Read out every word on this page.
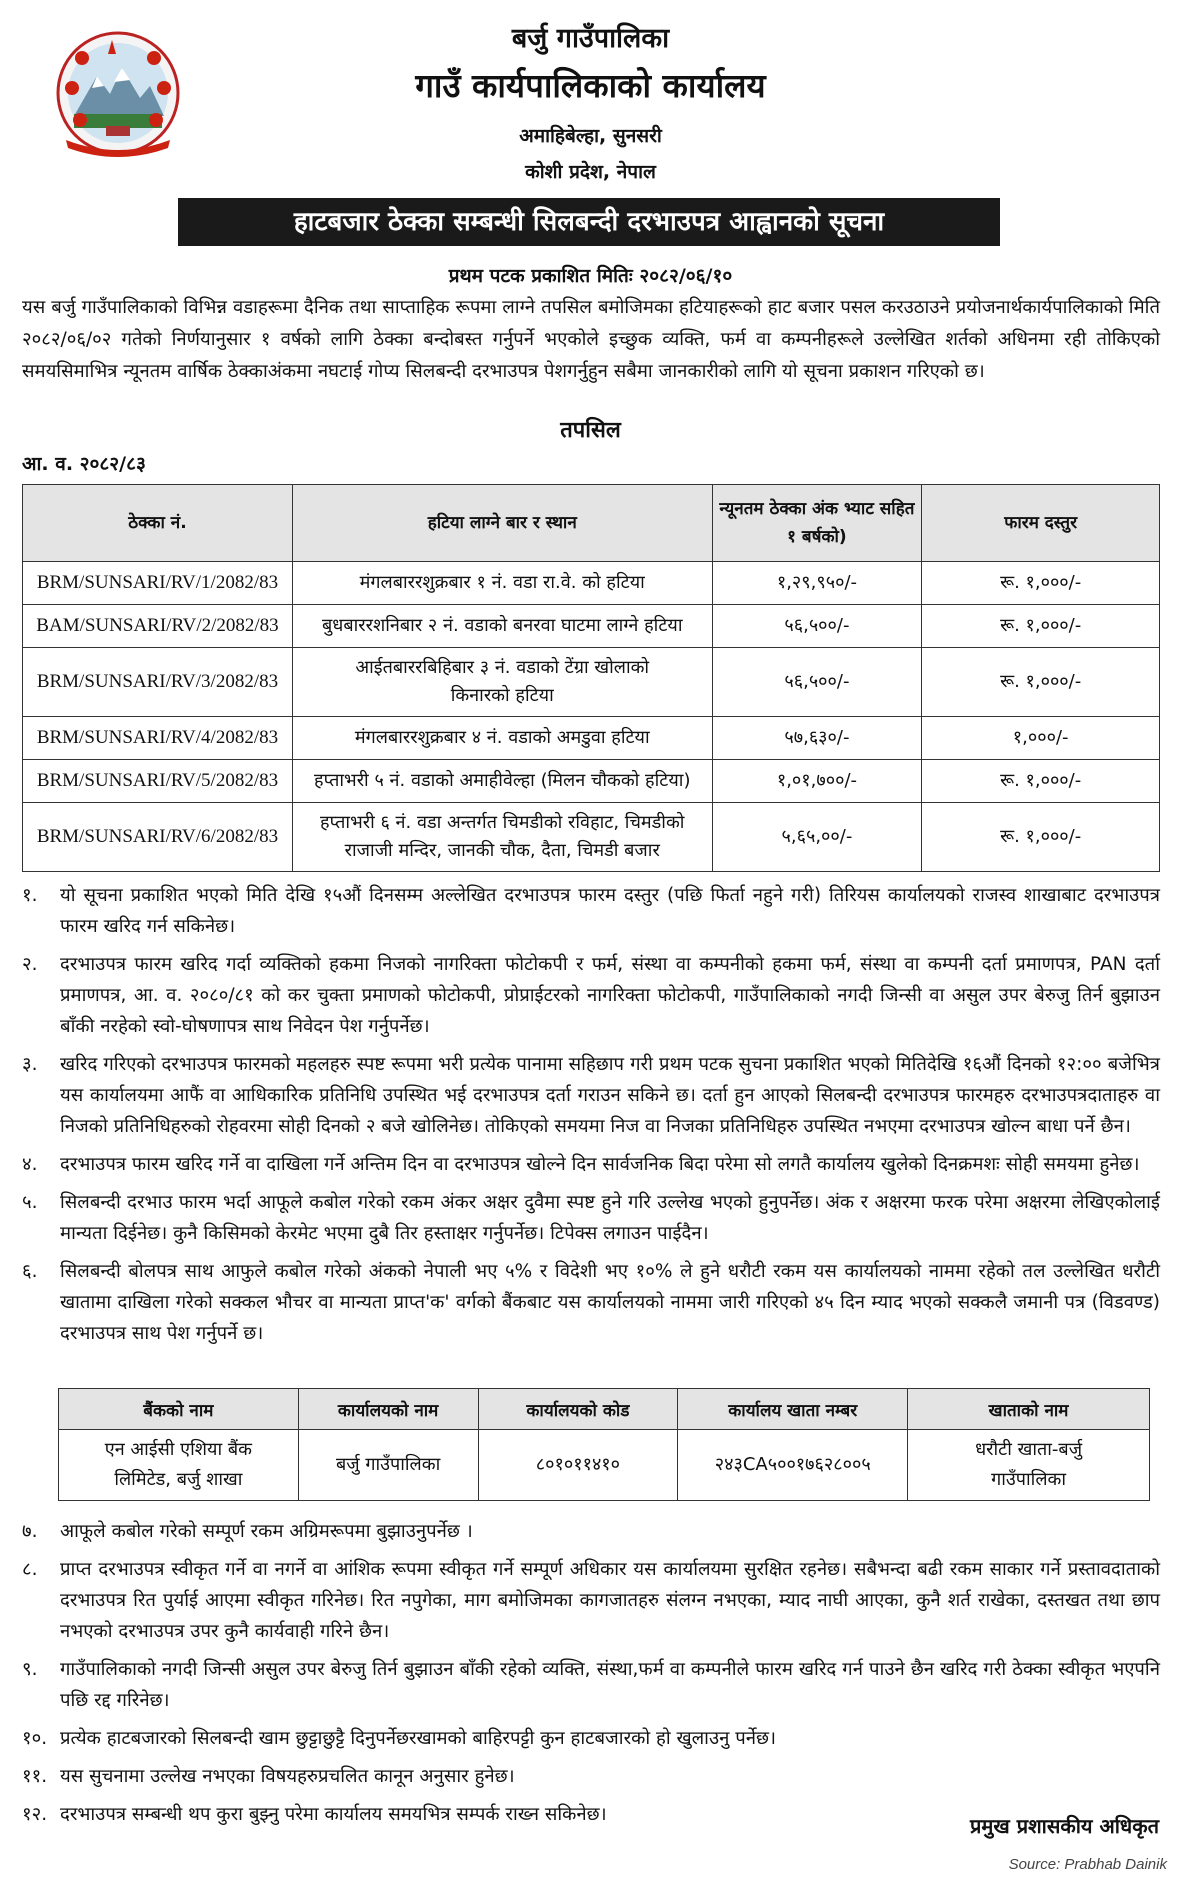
बर्जु गाउँपालिका
गाउँ कार्यपालिकाको कार्यालय
अमाहिबेल्हा, सुनसरी
कोशी प्रदेश, नेपाल
हाटबजार ठेक्का सम्बन्धी सिलबन्दी दरभाउपत्र आह्वानको सूचना
प्रथम पटक प्रकाशित मितिः २०८२/०६/१०
यस बर्जु गाउँपालिकाको विभिन्न वडाहरूमा दैनिक तथा साप्ताहिक रूपमा लाग्ने तपसिल बमोजिमका हटियाहरूको हाट बजार पसल करउठाउने प्रयोजनार्थकार्यपालिकाको मिति २०८२/०६/०२ गतेको निर्णयानुसार १ वर्षको लागि ठेक्का बन्दोबस्त गर्नुपर्ने भएकोले इच्छुक व्यक्ति, फर्म वा कम्पनीहरूले उल्लेखित शर्तको अधिनमा रही तोकिएको समयसिमाभित्र न्यूनतम वार्षिक ठेक्काअंकमा नघटाई गोप्य सिलबन्दी दरभाउपत्र पेशगर्नुहुन सबैमा जानकारीको लागि यो सूचना प्रकाशन गरिएको छ।
तपसिल
आ. व. २०८२/८३
ठेक्का नं.	हटिया लाग्ने बार र स्थान	न्यूनतम ठेक्का अंक भ्याट सहित १ बर्षको)	फारम दस्तुर
BRM/SUNSARI/RV/1/2082/83	मंगलबाररशुक्रबार १ नं. वडा रा.वे. को हटिया	१,२९,९५०/-	रू. १,०००/-
BAM/SUNSARI/RV/2/2082/83	बुधबाररशनिबार २ नं. वडाको बनरवा घाटमा लाग्ने हटिया	५६,५००/-	रू. १,०००/-
BRM/SUNSARI/RV/3/2082/83	आईतबाररबिहिबार ३ नं. वडाको टेंग्रा खोलाको किनारको हटिया	५६,५००/-	रू. १,०००/-
BRM/SUNSARI/RV/4/2082/83	मंगलबाररशुक्रबार ४ नं. वडाको अमडुवा हटिया	५७,६३०/-	१,०००/-
BRM/SUNSARI/RV/5/2082/83	हप्ताभरी ५ नं. वडाको अमाहीवेल्हा (मिलन चौकको हटिया)	१,०१,७००/-	रू. १,०००/-
BRM/SUNSARI/RV/6/2082/83	हप्ताभरी ६ नं. वडा अन्तर्गत चिमडीको रविहाट, चिमडीको राजाजी मन्दिर, जानकी चौक, दैता, चिमडी बजार	५,६५,००/-	रू. १,०००/-
१. यो सूचना प्रकाशित भएको मिति देखि १५औं दिनसम्म अल्लेखित दरभाउपत्र फारम दस्तुर (पछि फिर्ता नहुने गरी) तिरियस कार्यालयको राजस्व शाखाबाट दरभाउपत्र फारम खरिद गर्न सकिनेछ।
२. दरभाउपत्र फारम खरिद गर्दा व्यक्तिको हकमा निजको नागरिक्ता फोटोकपी र फर्म, संस्था वा कम्पनीको हकमा फर्म, संस्था वा कम्पनी दर्ता प्रमाणपत्र, PAN दर्ता प्रमाणपत्र, आ. व. २०८०/८१ को कर चुक्ता प्रमाणको फोटोकपी, प्रोप्राईटरको नागरिक्ता फोटोकपी, गाउँपालिकाको नगदी जिन्सी वा असुल उपर बेरुजु तिर्न बुझाउन बाँकी नरहेको स्वो-घोषणापत्र साथ निवेदन पेश गर्नुपर्नेछ।
३. खरिद गरिएको दरभाउपत्र फारमको महलहरु स्पष्ट रूपमा भरी प्रत्येक पानामा सहिछाप गरी प्रथम पटक सुचना प्रकाशित भएको मितिदेखि १६औं दिनको १२:०० बजेभित्र यस कार्यालयमा आफैं वा आधिकारिक प्रतिनिधि उपस्थित भई दरभाउपत्र दर्ता गराउन सकिने छ। दर्ता हुन आएको सिलबन्दी दरभाउपत्र फारमहरु दरभाउपत्रदाताहरु वा निजको प्रतिनिधिहरुको रोहवरमा सोही दिनको २ बजे खोलिनेछ। तोकिएको समयमा निज वा निजका प्रतिनिधिहरु उपस्थित नभएमा दरभाउपत्र खोल्न बाधा पर्ने छैन।
४. दरभाउपत्र फारम खरिद गर्ने वा दाखिला गर्ने अन्तिम दिन वा दरभाउपत्र खोल्ने दिन सार्वजनिक बिदा परेमा सो लगतै कार्यालय खुलेको दिनक्रमशः सोही समयमा हुनेछ।
५. सिलबन्दी दरभाउ फारम भर्दा आफूले कबोल गरेको रकम अंकर अक्षर दुवैमा स्पष्ट हुने गरि उल्लेख भएको हुनुपर्नेछ। अंक र अक्षरमा फरक परेमा अक्षरमा लेखिएकोलाई मान्यता दिईनेछ। कुनै किसिमको केरमेट भएमा दुबै तिर हस्ताक्षर गर्नुपर्नेछ। टिपेक्स लगाउन पाईदैन।
६. सिलबन्दी बोलपत्र साथ आफुले कबोल गरेको अंकको नेपाली भए ५% र विदेशी भए १०% ले हुने धरौटी रकम यस कार्यालयको नाममा रहेको तल उल्लेखित धरौटी खातामा दाखिला गरेको सक्कल भौचर वा मान्यता प्राप्त'क' वर्गको बैंकबाट यस कार्यालयको नाममा जारी गरिएको ४५ दिन म्याद भएको सक्कलै जमानी पत्र (विडवण्ड) दरभाउपत्र साथ पेश गर्नुपर्ने छ।
बैंकको नाम	कार्यालयको नाम	कार्यालयको कोड	कार्यालय खाता नम्बर	खाताको नाम
एन आईसी एशिया बैंक लिमिटेड, बर्जु शाखा	बर्जु गाउँपालिका	८०१०११४१०	२४३CA५००१७६२८००५	धरौटी खाता-बर्जु गाउँपालिका
७. आफूले कबोल गरेको सम्पूर्ण रकम अग्रिमरूपमा बुझाउनुपर्नेछ ।
८. प्राप्त दरभाउपत्र स्वीकृत गर्ने वा नगर्ने वा आंशिक रूपमा स्वीकृत गर्ने सम्पूर्ण अधिकार यस कार्यालयमा सुरक्षित रहनेछ। सबैभन्दा बढी रकम साकार गर्ने प्रस्तावदाताको दरभाउपत्र रित पुर्याई आएमा स्वीकृत गरिनेछ। रित नपुगेका, माग बमोजिमका कागजातहरु संलग्न नभएका, म्याद नाघी आएका, कुनै शर्त राखेका, दस्तखत तथा छाप नभएको दरभाउपत्र उपर कुनै कार्यवाही गरिने छैन।
९. गाउँपालिकाको नगदी जिन्सी असुल उपर बेरुजु तिर्न बुझाउन बाँकी रहेको व्यक्ति, संस्था,फर्म वा कम्पनीले फारम खरिद गर्न पाउने छैन खरिद गरी ठेक्का स्वीकृत भएपनि पछि रद्द गरिनेछ।
१०. प्रत्येक हाटबजारको सिलबन्दी खाम छुट्टाछुट्टै दिनुपर्नेछरखामको बाहिरपट्टी कुन हाटबजारको हो खुलाउनु पर्नेछ।
११. यस सुचनामा उल्लेख नभएका विषयहरुप्रचलित कानून अनुसार हुनेछ।
१२. दरभाउपत्र सम्बन्धी थप कुरा बुझ्नु परेमा कार्यालय समयभित्र सम्पर्क राख्न सकिनेछ।	प्रमुख प्रशासकीय अधिकृत
Source: Prabhab Dainik
